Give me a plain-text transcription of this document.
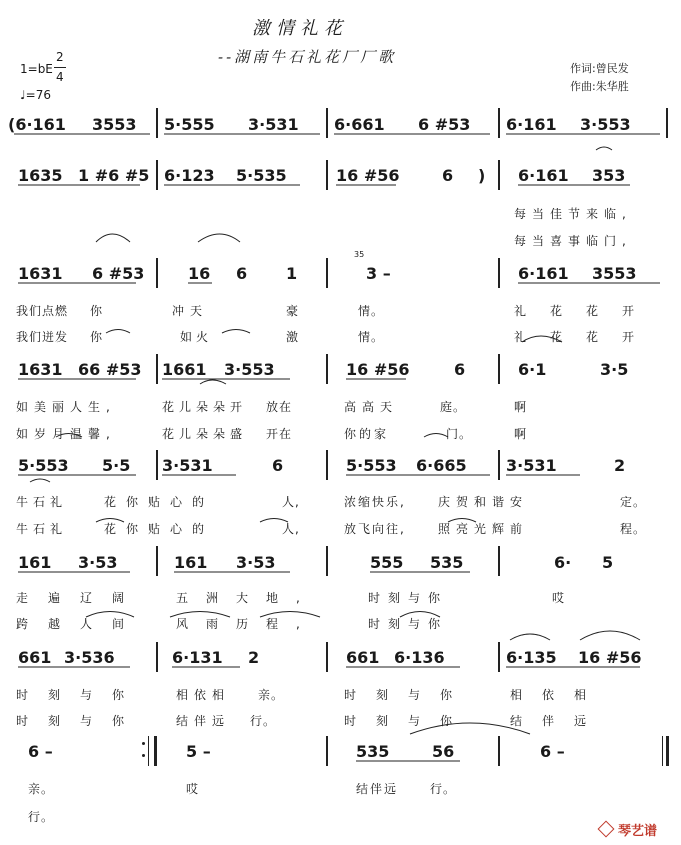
激情礼花
--湖南牛石礼花厂厂歌
1=bE
2
4
♩=76
作词:曾民发
作曲:朱华胜
(6·161 3553 5·555 3·531 6·661 6 #53 6·161 3·553
1635 1 #6 #5 6·123 5·535	16 #56	6 ) 6·161 353
每当佳节来临,
每当喜事临门,
1631 6 #53	16 6 1
35
3 –	6·161 3553
我们点燃 你	冲天	豪	情。	礼花花开
我们迸发 你	如火	激	情。	礼花花开
1631 66 #53 1661 3·553	16 #56	6	6·1	3·5
如美丽人生,	花儿朵朵开 放在	高高天	庭。	啊
如岁月温馨,	花儿朵朵盛 开在	你的家	门。	啊
5·553 5·5 3·531	6	5·553 6·665 3·531	2
牛石礼	花你贴心的	人,	浓缩快乐,	庆贺和谐安	定。
牛石礼	花你贴心的	人,	放飞向往,	照亮光辉前	程。
161 3·53	161 3·53	555 535	6· 5
走遍辽阔	五洲大地,	时刻与你	哎
跨越人间	风雨历程,	时刻与你
661 3·536	6·131 2	661 6·136	6·135 16 #56
时刻与你	相依相 亲。	时刻与你	相依相
时刻与你	结伴远 行。	时刻与你	结伴远
6 –	5 –	535	56	6 –
亲。	哎	结伴远	行。
行。
琴艺谱
